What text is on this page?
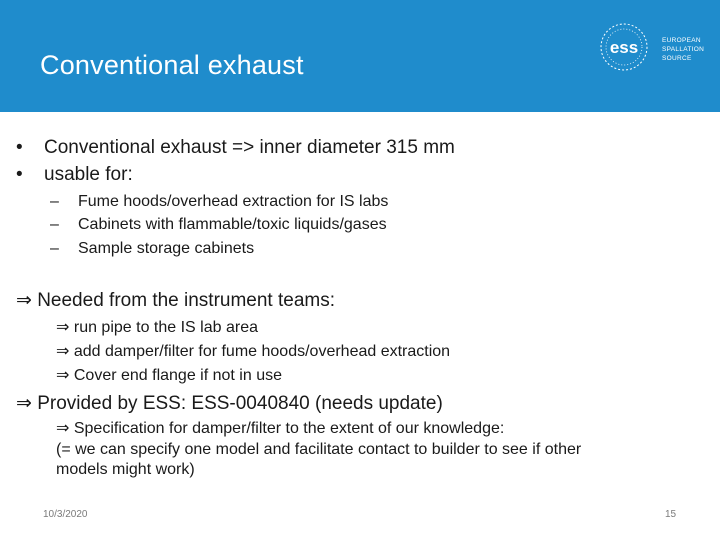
Conventional exhaust
ess	EUROPEAN
SPALLATION
SOURCE
• Conventional exhaust => inner diameter 315 mm
• usable for:
– Fume hoods/overhead extraction for IS labs
– Cabinets with flammable/toxic liquids/gases
– Sample storage cabinets
⇒ Needed from the instrument teams:
⇒ run pipe to the IS lab area
⇒ add damper/filter for fume hoods/overhead extraction
⇒ Cover end flange if not in use
⇒ Provided by ESS: ESS-0040840 (needs update)
⇒ Specification for damper/filter to the extent of our knowledge:
(= we can specify one model and facilitate contact to builder to see if other
models might work)
10/3/2020	15
